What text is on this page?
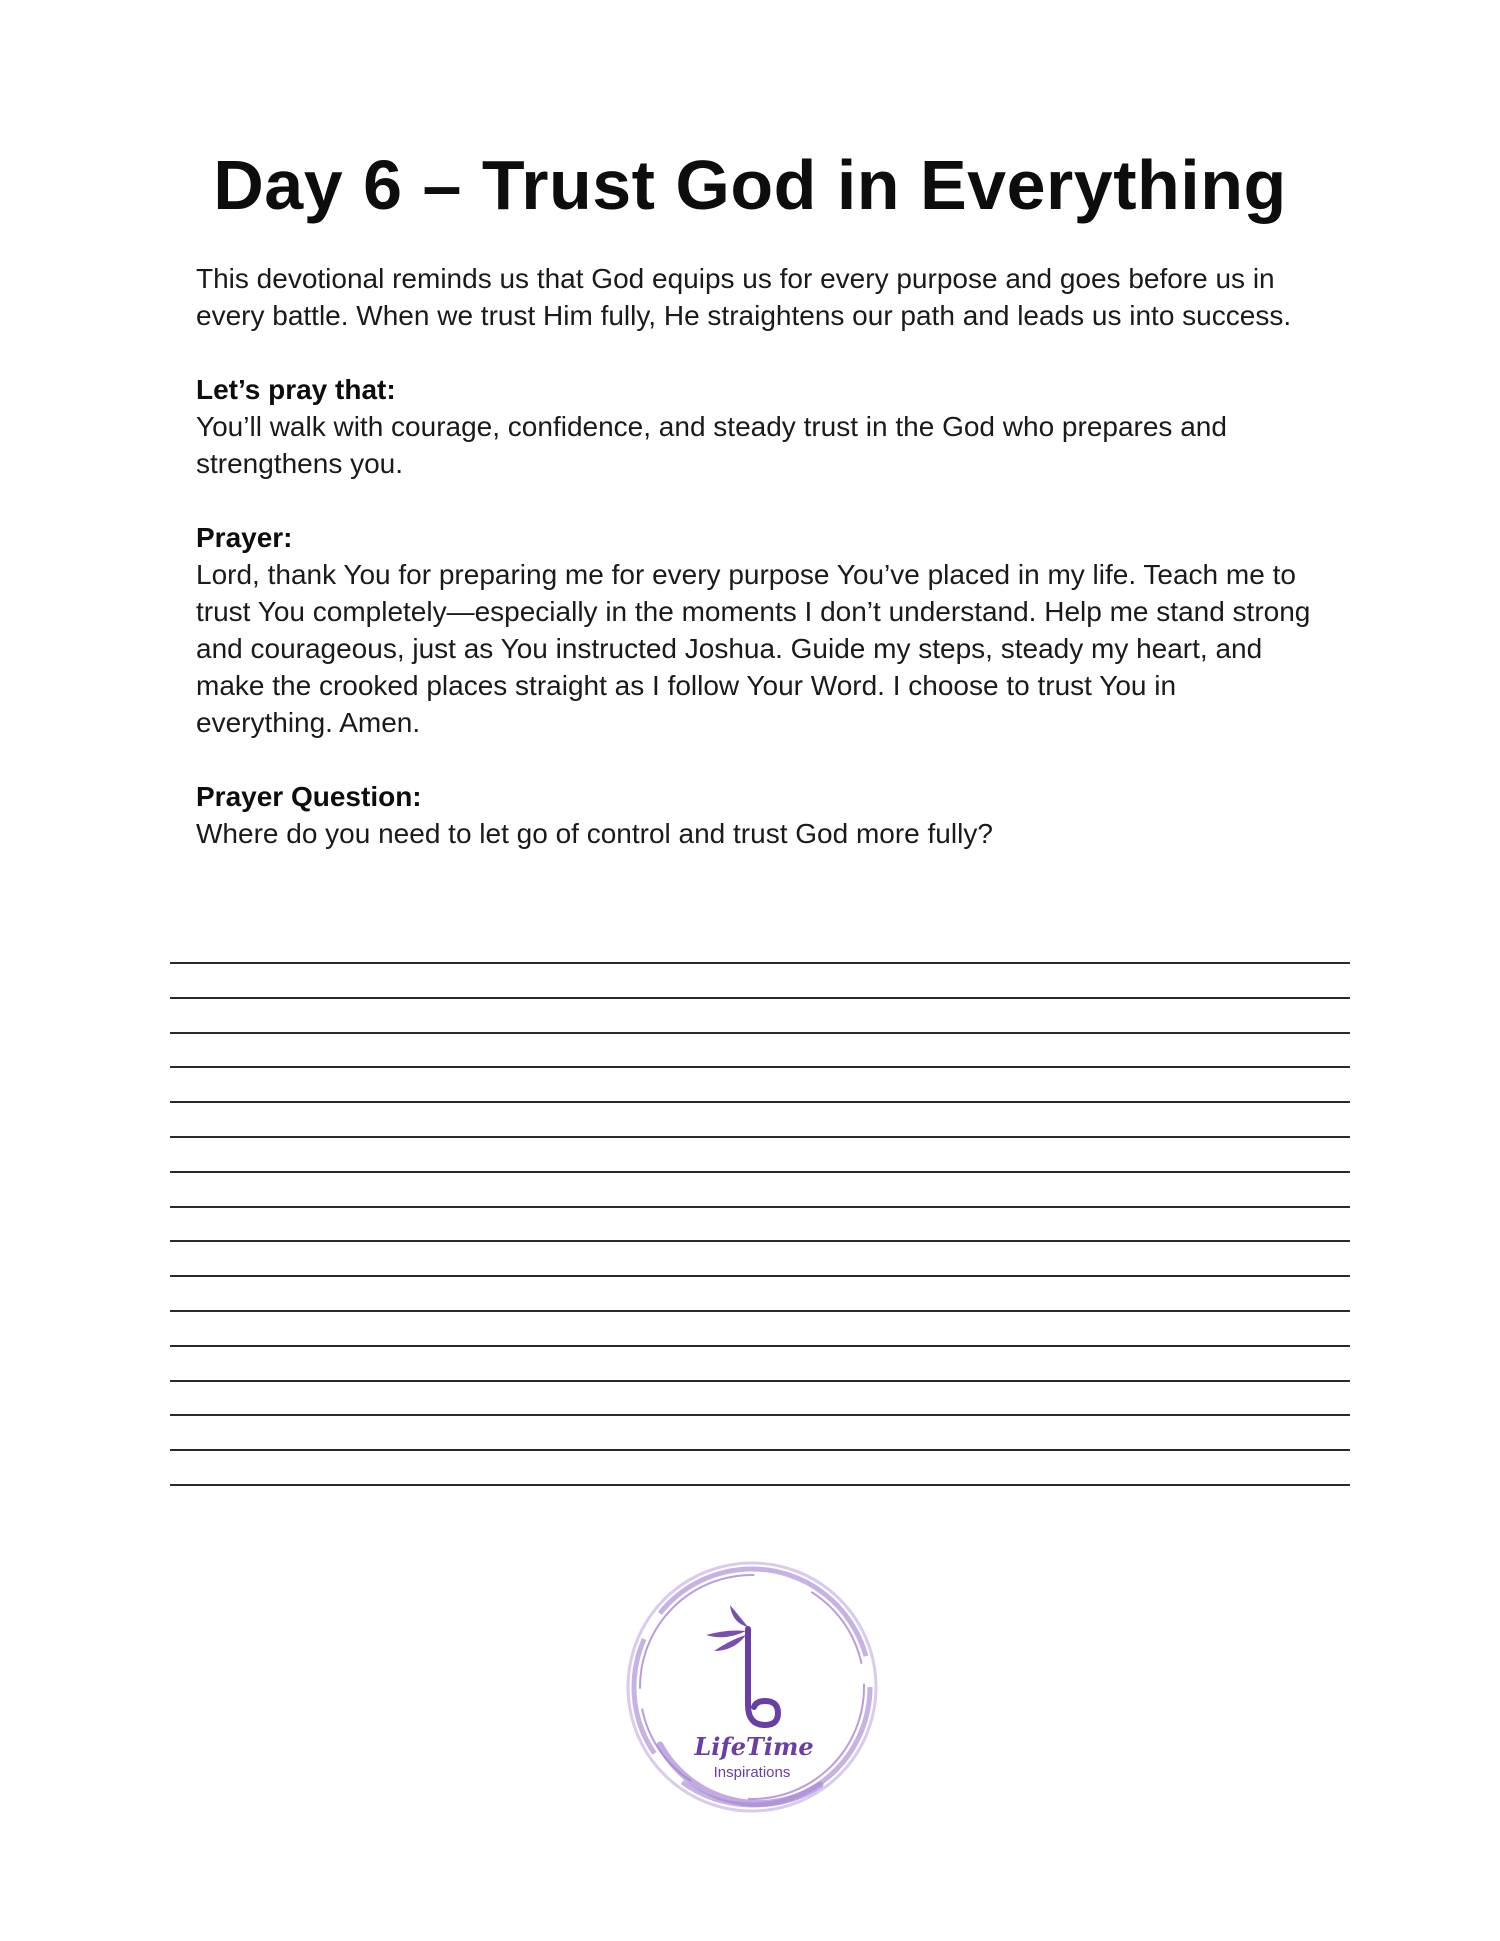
Day 6 – Trust God in Everything

This devotional reminds us that God equips us for every purpose and goes before us in every battle. When we trust Him fully, He straightens our path and leads us into success.

Let’s pray that:

You’ll walk with courage, confidence, and steady trust in the God who prepares and strengthens you.

Prayer:

Lord, thank You for preparing me for every purpose You’ve placed in my life. Teach me to trust You completely—especially in the moments I don’t understand. Help me stand strong and courageous, just as You instructed Joshua. Guide my steps, steady my heart, and make the crooked places straight as I follow Your Word. I choose to trust You in everything. Amen.

Prayer Question:

Where do you need to let go of control and trust God more fully?

LifeTime
Inspirations
